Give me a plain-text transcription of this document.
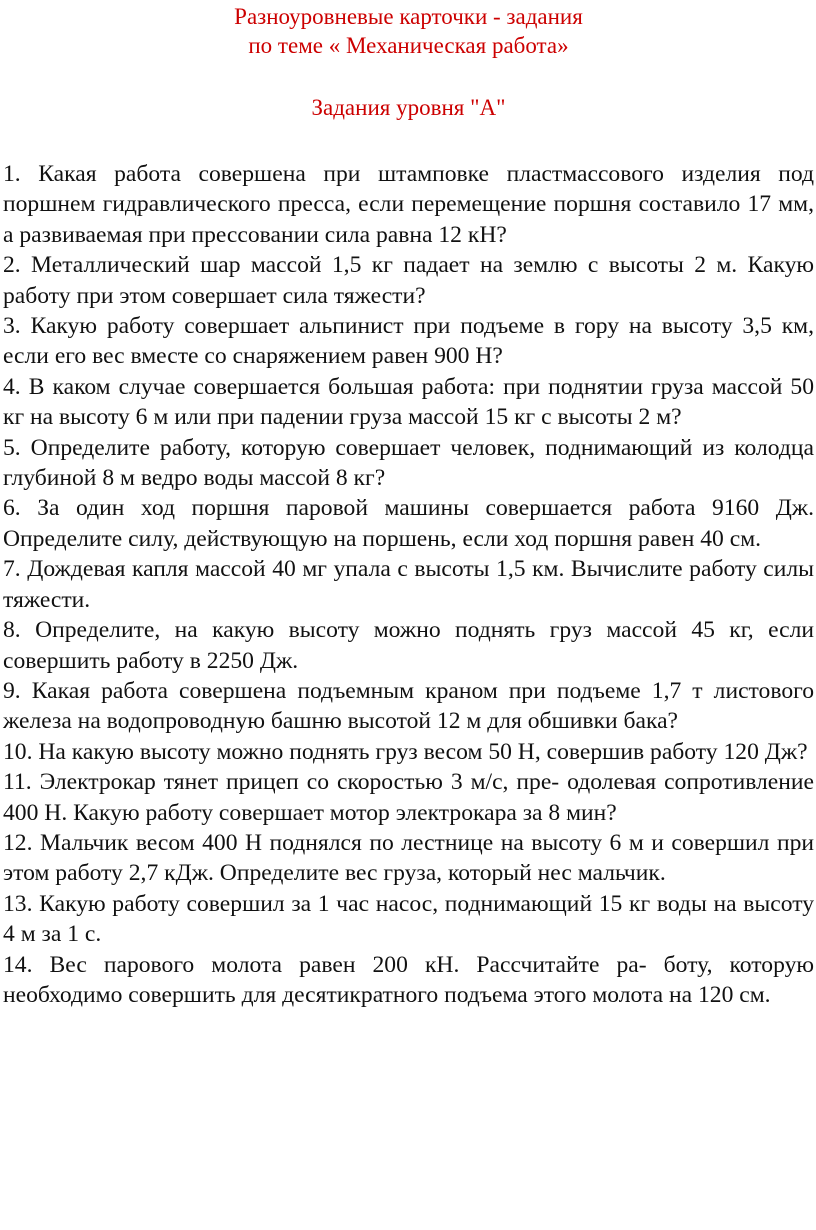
Разноуровневые карточки - задания
по теме « Механическая работа»
Задания уровня "А"

1. Какая работа совершена при штамповке пластмассового изделия под поршнем гидравлического пресса, если перемещение поршня составило 17 мм, а развиваемая при прессовании сила равна 12 кН?

2. Металлический шар массой 1,5 кг падает на землю с высоты 2 м. Какую работу при этом совершает сила тяжести?

3. Какую работу совершает альпинист при подъеме в гору на высоту 3,5 км, если его вес вместе со снаряжением равен 900 Н?

4. В каком случае совершается большая работа: при поднятии груза массой 50 кг на высоту 6 м или при падении груза массой 15 кг с высоты 2 м?

5. Определите работу, которую совершает человек, поднимающий из колодца глубиной 8 м ведро воды массой 8 кг?

6. За один ход поршня паровой машины совершается работа 9160 Дж. Определите силу, действующую на поршень, если ход поршня равен 40 см.

7. Дождевая капля массой 40 мг упала с высоты 1,5 км. Вычислите работу силы тяжести.

8. Определите, на какую высоту можно поднять груз массой 45 кг, если совершить работу в 2250 Дж.

9. Какая работа совершена подъемным краном при подъеме 1,7 т листового железа на водопроводную башню высотой 12 м для обшивки бака?

10. На какую высоту можно поднять груз весом 50 Н, совершив работу 120 Дж?

11. Электрокар тянет прицеп со скоростью 3 м/с, пре- одолевая сопротивление 400 Н. Какую работу совершает мотор электрокара за 8 мин?

12. Мальчик весом 400 Н поднялся по лестнице на высоту 6 м и совершил при этом работу 2,7 кДж. Определите вес груза, который нес мальчик.

13. Какую работу совершил за 1 час насос, поднимающий 15 кг воды на высоту 4 м за 1 с.

14. Вес парового молота равен 200 кН. Рассчитайте ра- боту, которую необходимо совершить для десятикратного подъема этого молота на 120 см.
